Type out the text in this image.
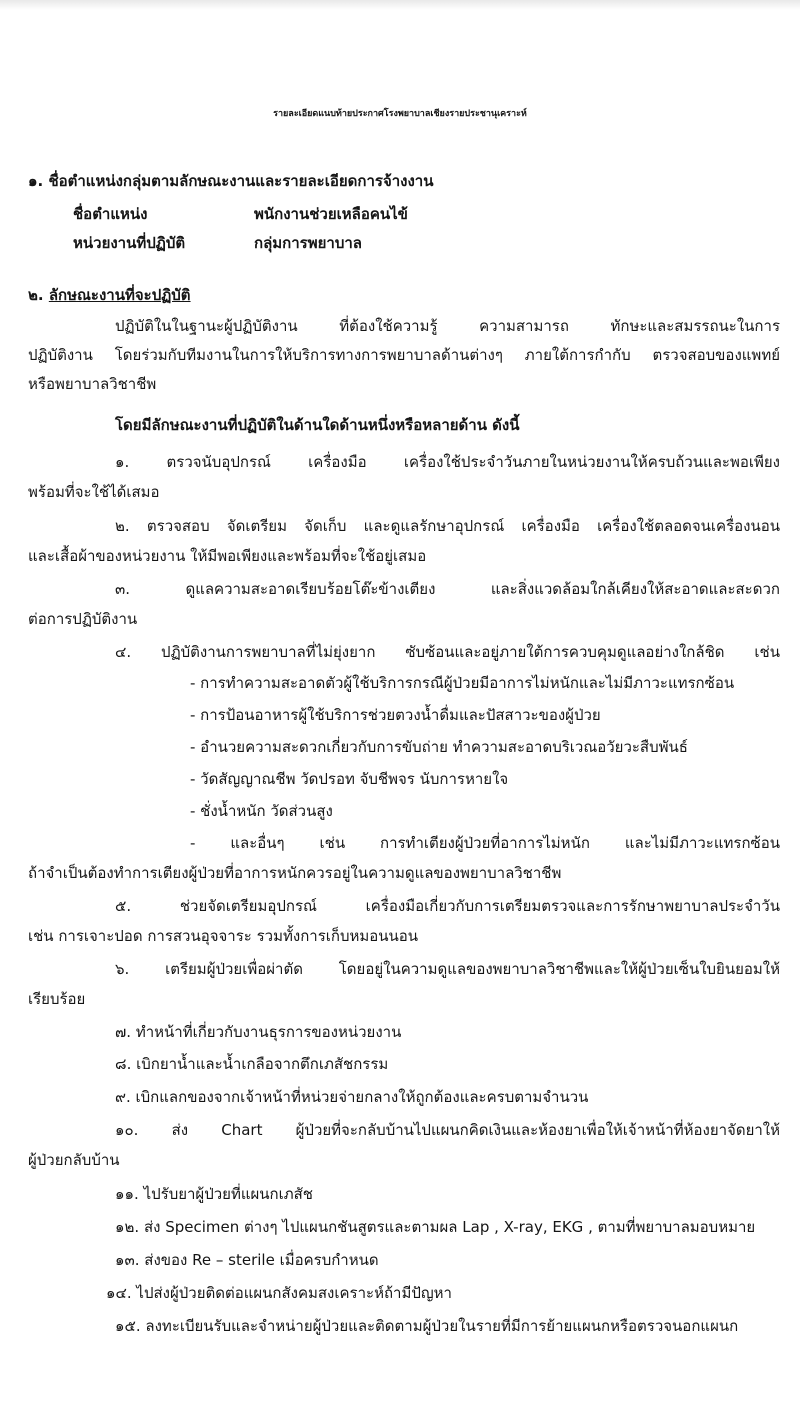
รายละเอียดแนบท้ายประกาศโรงพยาบาลเชียงรายประชานุเคราะห์
๑. ชื่อตำแหน่งกลุ่มตามลักษณะงานและรายละเอียดการจ้างงาน
ชื่อตำแหน่ง	พนักงานช่วยเหลือคนไข้
หน่วยงานที่ปฏิบัติ	กลุ่มการพยาบาล
๒. ลักษณะงานที่จะปฏิบัติ
ปฏิบัติในในฐานะผู้ปฏิบัติงาน ที่ต้องใช้ความรู้ ความสามารถ ทักษะและสมรรถนะในการ
ปฏิบัติงาน โดยร่วมกับทีมงานในการให้บริการทางการพยาบาลด้านต่างๆ ภายใต้การกำกับ ตรวจสอบของแพทย์
หรือพยาบาลวิชาชีพ
โดยมีลักษณะงานที่ปฏิบัติในด้านใดด้านหนึ่งหรือหลายด้าน ดังนี้
๑. ตรวจนับอุปกรณ์ เครื่องมือ เครื่องใช้ประจำวันภายในหน่วยงานให้ครบถ้วนและพอเพียง
พร้อมที่จะใช้ได้เสมอ
๒. ตรวจสอบ จัดเตรียม จัดเก็บ และดูแลรักษาอุปกรณ์ เครื่องมือ เครื่องใช้ตลอดจนเครื่องนอน
และเสื้อผ้าของหน่วยงาน ให้มีพอเพียงและพร้อมที่จะใช้อยู่เสมอ
๓. ดูแลความสะอาดเรียบร้อยโต๊ะข้างเตียง และสิ่งแวดล้อมใกล้เคียงให้สะอาดและสะดวก
ต่อการปฏิบัติงาน
๔. ปฏิบัติงานการพยาบาลที่ไม่ยุ่งยาก ซับซ้อนและอยู่ภายใต้การควบคุมดูแลอย่างใกล้ชิด เช่น
- การทำความสะอาดตัวผู้ใช้บริการกรณีผู้ป่วยมีอาการไม่หนักและไม่มีภาวะแทรกซ้อน
- การป้อนอาหารผู้ใช้บริการช่วยตวงน้ำดื่มและปัสสาวะของผู้ป่วย
- อำนวยความสะดวกเกี่ยวกับการขับถ่าย ทำความสะอาดบริเวณอวัยวะสืบพันธ์
- วัดสัญญาณชีพ วัดปรอท จับชีพจร นับการหายใจ
- ชั่งน้ำหนัก วัดส่วนสูง
- และอื่นๆ เช่น การทำเตียงผู้ป่วยที่อาการไม่หนัก และไม่มีภาวะแทรกซ้อน
ถ้าจำเป็นต้องทำการเตียงผู้ป่วยที่อาการหนักควรอยู่ในความดูแลของพยาบาลวิชาชีพ
๕. ช่วยจัดเตรียมอุปกรณ์ เครื่องมือเกี่ยวกับการเตรียมตรวจและการรักษาพยาบาลประจำวัน
เช่น การเจาะปอด การสวนอุจจาระ รวมทั้งการเก็บหมอนนอน
๖. เตรียมผู้ป่วยเพื่อผ่าตัด โดยอยู่ในความดูแลของพยาบาลวิชาชีพและให้ผู้ป่วยเซ็นใบยินยอมให้
เรียบร้อย
๗. ทำหน้าที่เกี่ยวกับงานธุรการของหน่วยงาน
๘. เบิกยาน้ำและน้ำเกลือจากตึกเภสัชกรรม
๙. เบิกแลกของจากเจ้าหน้าที่หน่วยจ่ายกลางให้ถูกต้องและครบตามจำนวน
๑๐. ส่ง Chart ผู้ป่วยที่จะกลับบ้านไปแผนกคิดเงินและห้องยาเพื่อให้เจ้าหน้าที่ห้องยาจัดยาให้
ผู้ป่วยกลับบ้าน
๑๑. ไปรับยาผู้ป่วยที่แผนกเภสัช
๑๒. ส่ง Specimen ต่างๆ ไปแผนกชันสูตรและตามผล Lap , X-ray, EKG , ตามที่พยาบาลมอบหมาย
๑๓. ส่งของ Re – sterile เมื่อครบกำหนด
๑๔. ไปส่งผู้ป่วยติดต่อแผนกสังคมสงเคราะห์ถ้ามีปัญหา
๑๕. ลงทะเบียนรับและจำหน่ายผู้ป่วยและติดตามผู้ป่วยในรายที่มีการย้ายแผนกหรือตรวจนอกแผนก
